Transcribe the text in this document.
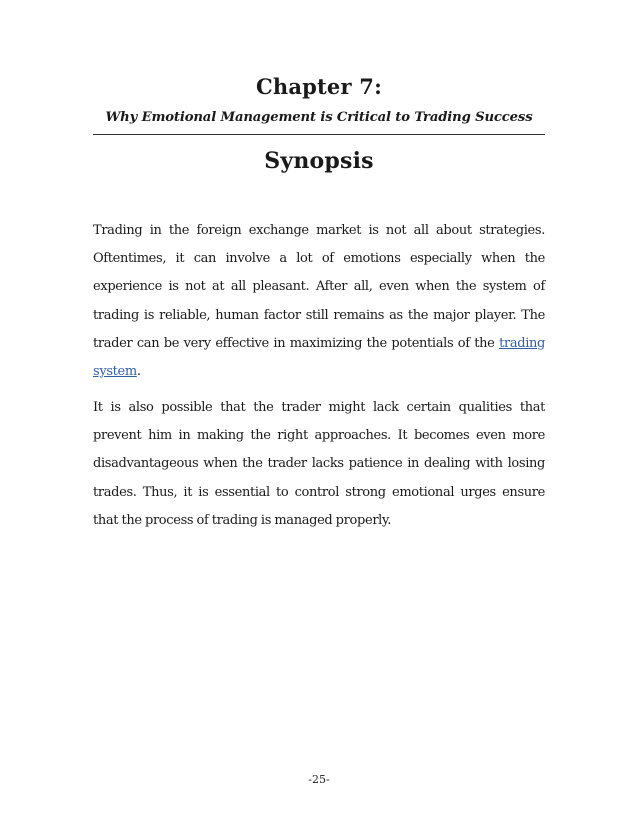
Chapter 7:
Why Emotional Management is Critical to Trading Success
Synopsis
Trading in the foreign exchange market is not all about strategies.
Oftentimes, it can involve a lot of emotions especially when the
experience is not at all pleasant. After all, even when the system of
trading is reliable, human factor still remains as the major player. The
trader can be very effective in maximizing the potentials of the trading
system.
It is also possible that the trader might lack certain qualities that
prevent him in making the right approaches. It becomes even more
disadvantageous when the trader lacks patience in dealing with losing
trades. Thus, it is essential to control strong emotional urges ensure
that the process of trading is managed properly.
-25-
